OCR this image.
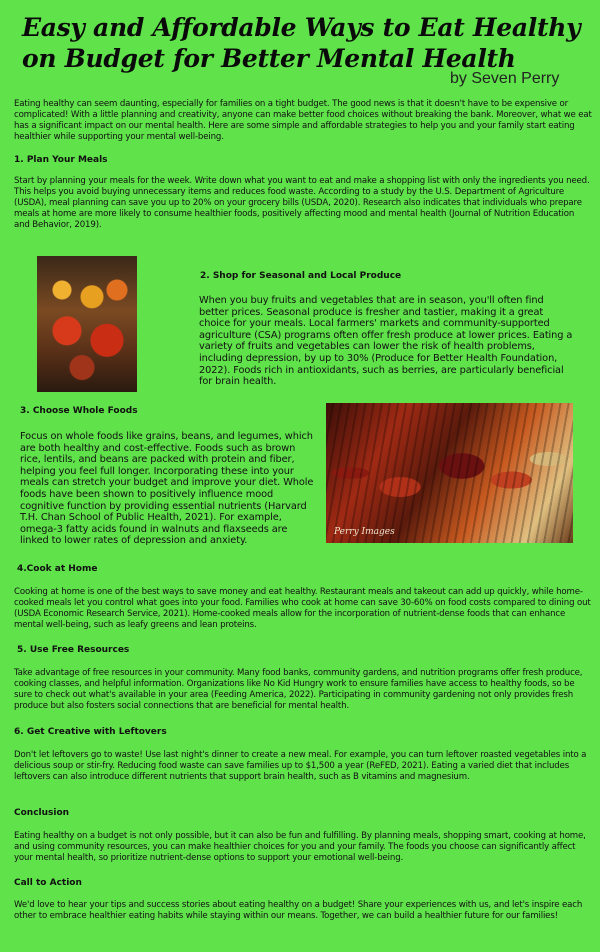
Easy and Affordable Ways to Eat Healthy on Budget for Better Mental Health
by Seven Perry

Eating healthy can seem daunting, especially for families on a tight budget. The good news is that it doesn't have to be expensive or complicated! With a little planning and creativity, anyone can make better food choices without breaking the bank. Moreover, what we eat has a significant impact on our mental health. Here are some simple and affordable strategies to help you and your family start eating healthier while supporting your mental well-being.

1. Plan Your Meals

Start by planning your meals for the week. Write down what you want to eat and make a shopping list with only the ingredients you need. This helps you avoid buying unnecessary items and reduces food waste. According to a study by the U.S. Department of Agriculture (USDA), meal planning can save you up to 20% on your grocery bills (USDA, 2020). Research also indicates that individuals who prepare meals at home are more likely to consume healthier foods, positively affecting mood and mental health (Journal of Nutrition Education and Behavior, 2019).

2. Shop for Seasonal and Local Produce

When you buy fruits and vegetables that are in season, you'll often find better prices. Seasonal produce is fresher and tastier, making it a great choice for your meals. Local farmers' markets and community-supported agriculture (CSA) programs often offer fresh produce at lower prices. Eating a variety of fruits and vegetables can lower the risk of health problems, including depression, by up to 30% (Produce for Better Health Foundation, 2022). Foods rich in antioxidants, such as berries, are particularly beneficial for brain health.

3. Choose Whole Foods

Focus on whole foods like grains, beans, and legumes, which are both healthy and cost-effective. Foods such as brown rice, lentils, and beans are packed with protein and fiber, helping you feel full longer. Incorporating these into your meals can stretch your budget and improve your diet. Whole foods have been shown to positively influence mood cognitive function by providing essential nutrients (Harvard T.H. Chan School of Public Health, 2021). For example, omega-3 fatty acids found in walnuts and flaxseeds are linked to lower rates of depression and anxiety.

Perry Images
4.Cook at Home

Cooking at home is one of the best ways to save money and eat healthy. Restaurant meals and takeout can add up quickly, while home-cooked meals let you control what goes into your food. Families who cook at home can save 30-60% on food costs compared to dining out (USDA Economic Research Service, 2021). Home-cooked meals allow for the incorporation of nutrient-dense foods that can enhance mental well-being, such as leafy greens and lean proteins.

5. Use Free Resources

Take advantage of free resources in your community. Many food banks, community gardens, and nutrition programs offer fresh produce, cooking classes, and helpful information. Organizations like No Kid Hungry work to ensure families have access to healthy foods, so be sure to check out what's available in your area (Feeding America, 2022). Participating in community gardening not only provides fresh produce but also fosters social connections that are beneficial for mental health.

6. Get Creative with Leftovers

Don't let leftovers go to waste! Use last night's dinner to create a new meal. For example, you can turn leftover roasted vegetables into a delicious soup or stir-fry. Reducing food waste can save families up to $1,500 a year (ReFED, 2021). Eating a varied diet that includes leftovers can also introduce different nutrients that support brain health, such as B vitamins and magnesium.

Conclusion

Eating healthy on a budget is not only possible, but it can also be fun and fulfilling. By planning meals, shopping smart, cooking at home, and using community resources, you can make healthier choices for you and your family. The foods you choose can significantly affect your mental health, so prioritize nutrient-dense options to support your emotional well-being.

Call to Action

We'd love to hear your tips and success stories about eating healthy on a budget! Share your experiences with us, and let's inspire each other to embrace healthier eating habits while staying within our means. Together, we can build a healthier future for our families!
